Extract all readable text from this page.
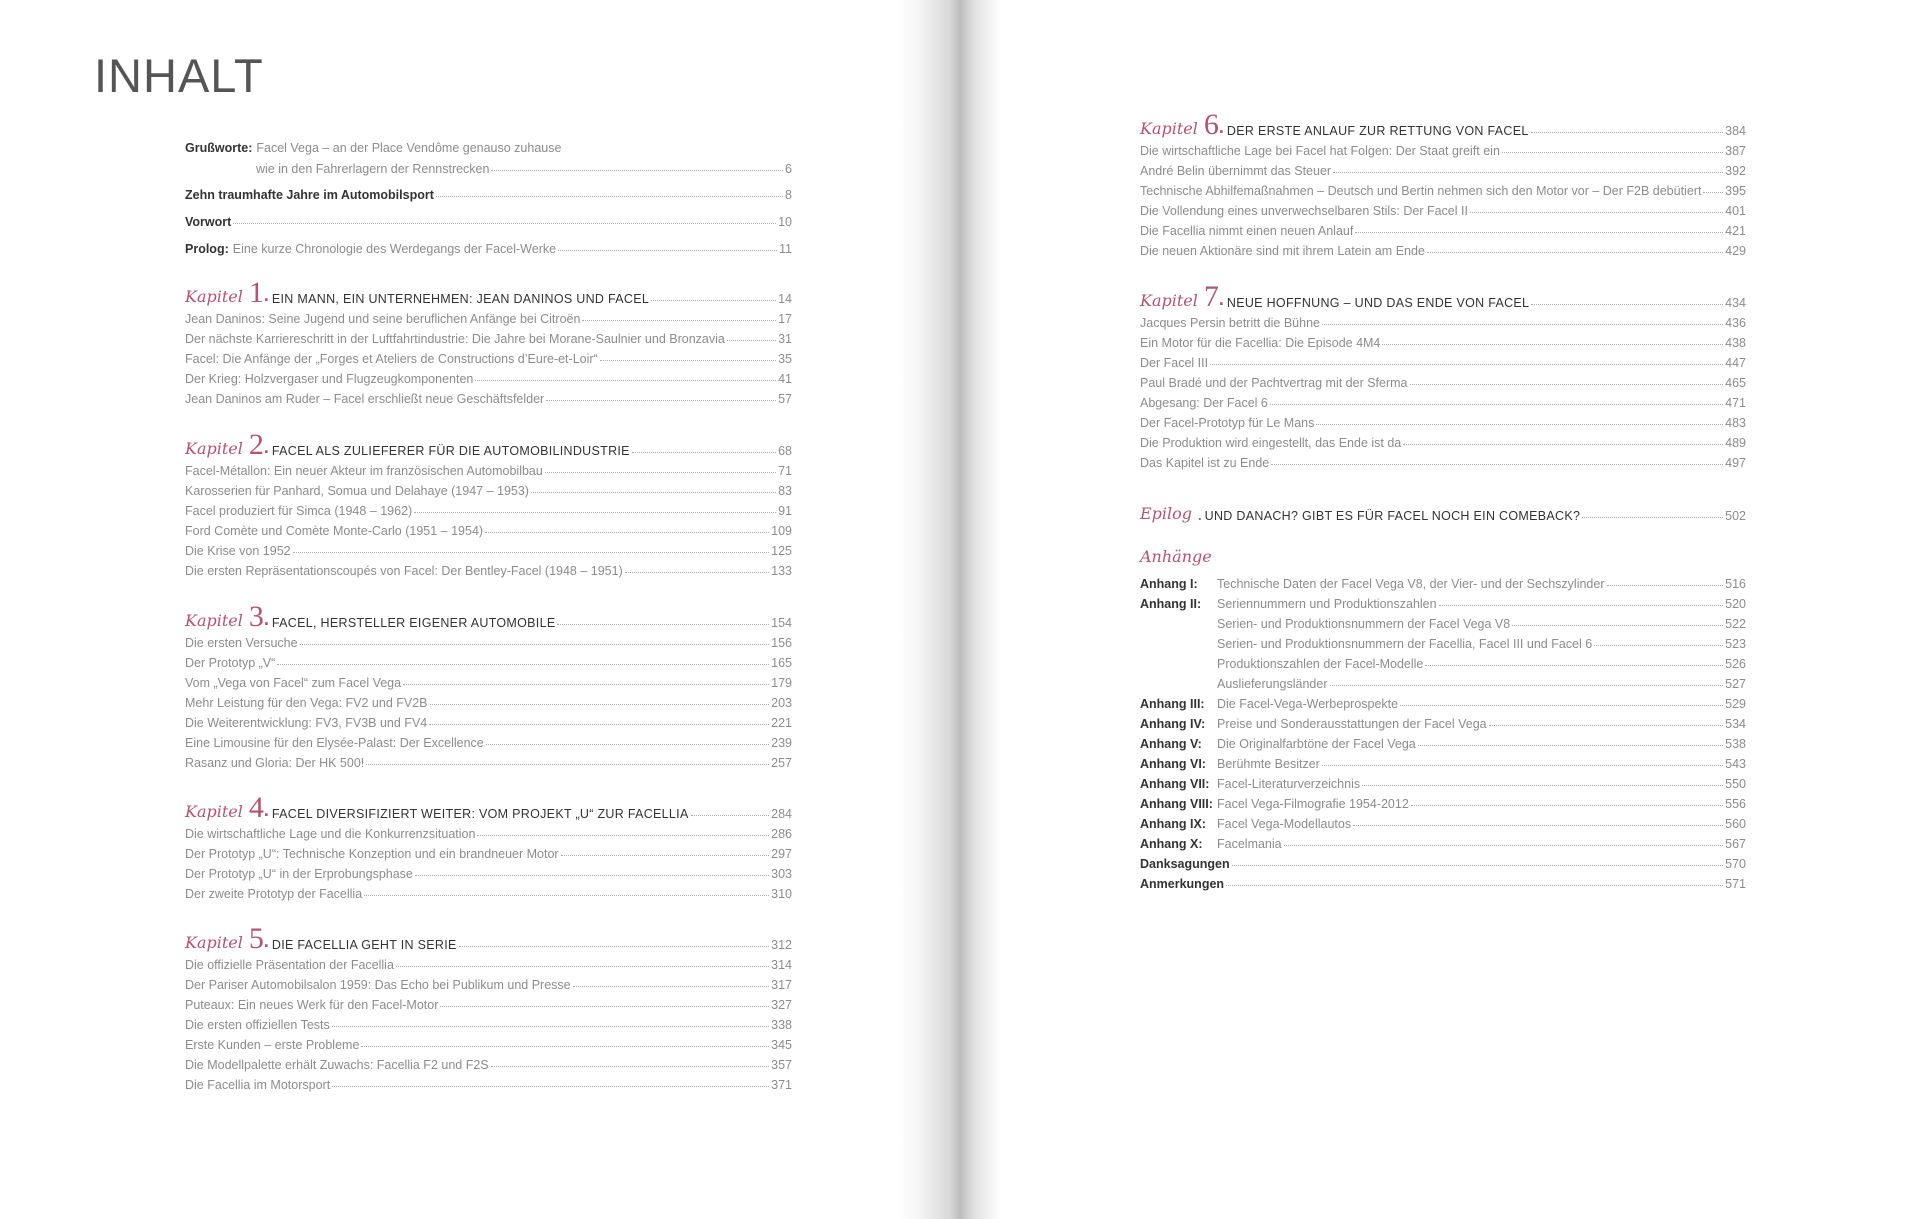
INHALT
Grußworte: Facel Vega – an der Place Vendôme genauso zuhause
wie in den Fahrerlagern der Rennstrecken	6
Zehn traumhafte Jahre im Automobilsport	8
Vorwort	10
Prolog: Eine kurze Chronologie des Werdegangs der Facel-Werke	11
Kapitel 1 . EIN MANN, EIN UNTERNEHMEN: JEAN DANINOS UND FACEL	14
Jean Daninos: Seine Jugend und seine beruflichen Anfänge bei Citroën	17
Der nächste Karriereschritt in der Luftfahrtindustrie: Die Jahre bei Morane-Saulnier und Bronzavia	31
Facel: Die Anfänge der „Forges et Ateliers de Constructions d’Eure-et-Loir“	35
Der Krieg: Holzvergaser und Flugzeugkomponenten	41
Jean Daninos am Ruder – Facel erschließt neue Geschäftsfelder	57
Kapitel 2 . FACEL ALS ZULIEFERER FÜR DIE AUTOMOBILINDUSTRIE	68
Facel-Métallon: Ein neuer Akteur im französischen Automobilbau	71
Karosserien für Panhard, Somua und Delahaye (1947 – 1953)	83
Facel produziert für Simca (1948 – 1962)	91
Ford Comète und Comète Monte-Carlo (1951 – 1954)	109
Die Krise von 1952	125
Die ersten Repräsentationscoupés von Facel: Der Bentley-Facel (1948 – 1951)	133
Kapitel 3 . FACEL, HERSTELLER EIGENER AUTOMOBILE	154
Die ersten Versuche	156
Der Prototyp „V“	165
Vom „Vega von Facel“ zum Facel Vega	179
Mehr Leistung für den Vega: FV2 und FV2B	203
Die Weiterentwicklung: FV3, FV3B und FV4	221
Eine Limousine für den Elysée-Palast: Der Excellence	239
Rasanz und Gloria: Der HK 500!	257
Kapitel 4 . FACEL DIVERSIFIZIERT WEITER: VOM PROJEKT „U“ ZUR FACELLIA	284
Die wirtschaftliche Lage und die Konkurrenzsituation	286
Der Prototyp „U“: Technische Konzeption und ein brandneuer Motor	297
Der Prototyp „U“ in der Erprobungsphase	303
Der zweite Prototyp der Facellia	310
Kapitel 5 . DIE FACELLIA GEHT IN SERIE	312
Die offizielle Präsentation der Facellia	314
Der Pariser Automobilsalon 1959: Das Echo bei Publikum und Presse	317
Puteaux: Ein neues Werk für den Facel-Motor	327
Die ersten offiziellen Tests	338
Erste Kunden – erste Probleme	345
Die Modellpalette erhält Zuwachs: Facellia F2 und F2S	357
Die Facellia im Motorsport	371
Kapitel 6 . DER ERSTE ANLAUF ZUR RETTUNG VON FACEL	384
Die wirtschaftliche Lage bei Facel hat Folgen: Der Staat greift ein	387
André Belin übernimmt das Steuer	392
Technische Abhilfemaßnahmen – Deutsch und Bertin nehmen sich den Motor vor – Der F2B debütiert 395
Die Vollendung eines unverwechselbaren Stils: Der Facel II	401
Die Facellia nimmt einen neuen Anlauf	421
Die neuen Aktionäre sind mit ihrem Latein am Ende	429
Kapitel 7 . NEUE HOFFNUNG – UND DAS ENDE VON FACEL	434
Jacques Persin betritt die Bühne	436
Ein Motor für die Facellia: Die Episode 4M4	438
Der Facel III	447
Paul Bradé und der Pachtvertrag mit der Sferma	465
Abgesang: Der Facel 6	471
Der Facel-Prototyp für Le Mans	483
Die Produktion wird eingestellt, das Ende ist da	489
Das Kapitel ist zu Ende	497
Epilog . UND DANACH? GIBT ES FÜR FACEL NOCH EIN COMEBACK?	502
Anhänge
Anhang I:	Technische Daten der Facel Vega V8, der Vier- und der Sechszylinder	516
Anhang II:	Seriennummern und Produktionszahlen	520
Serien- und Produktionsnummern der Facel Vega V8	522
Serien- und Produktionsnummern der Facellia, Facel III und Facel 6	523
Produktionszahlen der Facel-Modelle	526
Auslieferungsländer	527
Anhang III: Die Facel-Vega-Werbeprospekte	529
Anhang IV: Preise und Sonderausstattungen der Facel Vega	534
Anhang V:	Die Originalfarbtöne der Facel Vega	538
Anhang VI: Berühmte Besitzer	543
Anhang VII: Facel-Literaturverzeichnis	550
Anhang VIII: Facel Vega-Filmografie 1954-2012	556
Anhang IX: Facel Vega-Modellautos	560
Anhang X:	Facelmania	567
Danksagungen	570
Anmerkungen	571
